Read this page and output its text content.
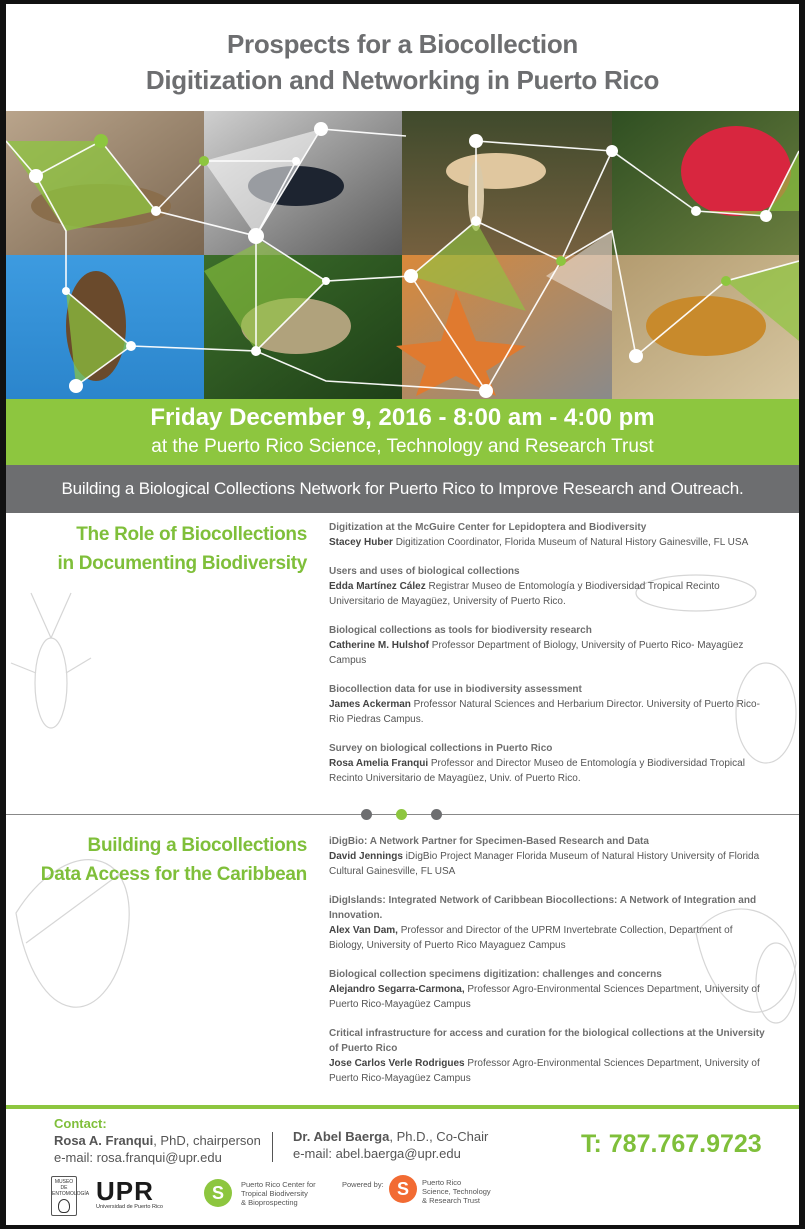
Prospects for a Biocollection
Digitization and Networking in Puerto Rico
Friday December 9, 2016 - 8:00 am - 4:00 pm
at the Puerto Rico Science, Technology and Research Trust
Building a Biological Collections Network for Puerto Rico to Improve Research and Outreach.
The Role of Biocollections
in Documenting Biodiversity
Digitization at the McGuire Center for Lepidoptera and Biodiversity
Stacey Huber Digitization Coordinator, Florida Museum of Natural History Gainesville, FL USA
Users and uses of biological collections
Edda Martínez Cález Registrar Museo de Entomología y Biodiversidad Tropical Recinto Universitario de Mayagüez, University of Puerto Rico.
Biological collections as tools for biodiversity research
Catherine M. Hulshof Professor Department of Biology, University of Puerto Rico- Mayagüez Campus
Biocollection data for use in biodiversity assessment
James Ackerman Professor Natural Sciences and Herbarium Director. University of Puerto Rico-Rio Piedras Campus.
Survey on biological collections in Puerto Rico
Rosa Amelia Franqui Professor and Director Museo de Entomología y Biodiversidad Tropical Recinto Universitario de Mayagüez, Univ. of Puerto Rico.
Building a Biocollections
Data Access for the Caribbean
iDigBio: A Network Partner for Specimen-Based Research and Data
David Jennings iDigBio Project Manager Florida Museum of Natural History University of Florida Cultural Gainesville, FL USA
iDigIslands: Integrated Network of Caribbean Biocollections: A Network of Integration and Innovation.
Alex Van Dam, Professor and Director of the UPRM Invertebrate Collection, Department of Biology, University of Puerto Rico Mayaguez Campus
Biological collection specimens digitization: challenges and concerns
Alejandro Segarra-Carmona, Professor Agro-Environmental Sciences Department, University of Puerto Rico-Mayagüez Campus
Critical infrastructure for access and curation for the biological collections at the University of Puerto Rico
Jose Carlos Verle Rodrigues Professor Agro-Environmental Sciences Department, University of Puerto Rico-Mayagüez Campus
Contact:
Rosa A. Franqui, PhD, chairperson
e-mail: rosa.franqui@upr.edu
Dr. Abel Baerga, Ph.D., Co-Chair
e-mail: abel.baerga@upr.edu	T: 787.767.9723
MUSEO DE ENTOMOLOGÍA UPR
Universidad de Puerto Rico
S	Puerto Rico Center for
Tropical Biodiversity
& Bioprospecting
Powered by: S	Puerto Rico
Science, Technology
& Research Trust
